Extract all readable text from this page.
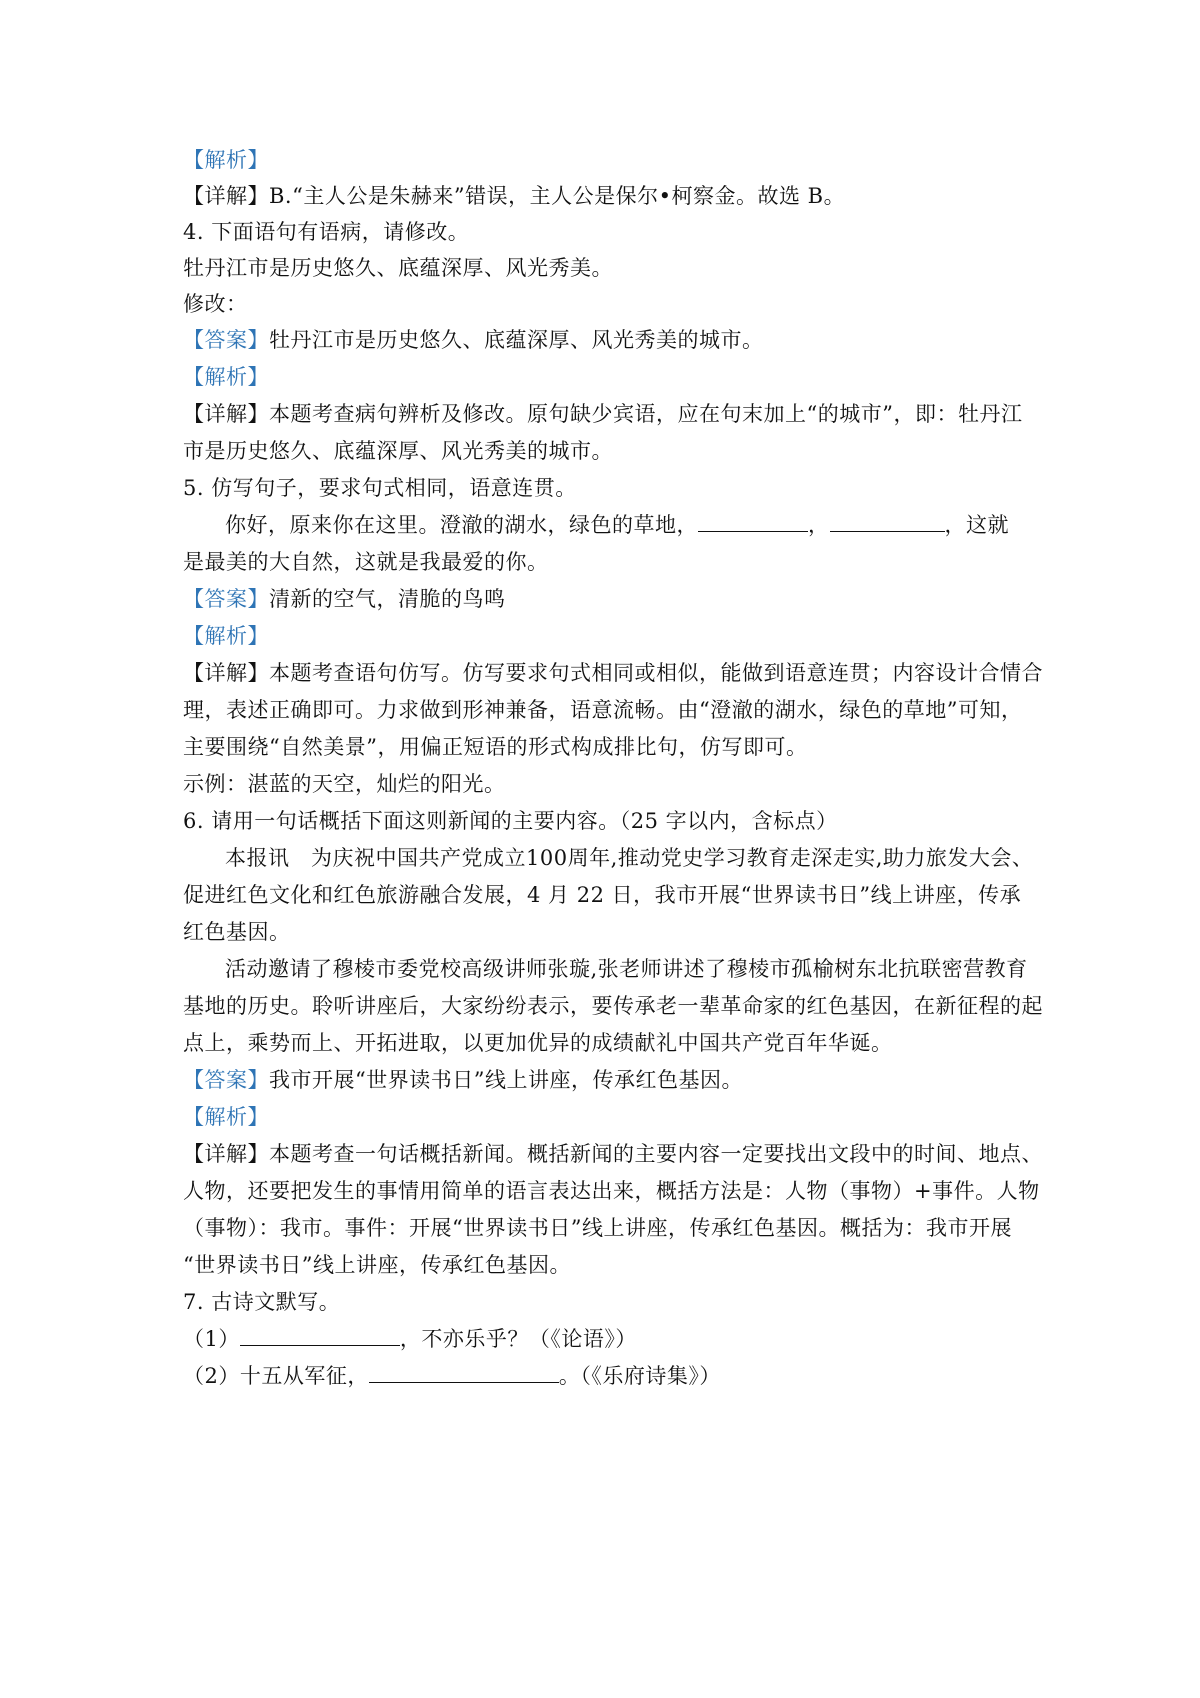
【解析】
【详解】B.“主人公是朱赫来”错误，主人公是保尔•柯察金。故选 B。
4. 下面语句有语病，请修改。
牡丹江市是历史悠久、底蕴深厚、风光秀美。
修改：
【答案】牡丹江市是历史悠久、底蕴深厚、风光秀美的城市。
【解析】
【详解】本题考查病句辨析及修改。原句缺少宾语，应在句末加上“的城市”，即：牡丹江
市是历史悠久、底蕴深厚、风光秀美的城市。
5. 仿写句子，要求句式相同，语意连贯。
你好，原来你在这里。澄澈的湖水，绿色的草地，	，	，这就
是最美的大自然，这就是我最爱的你。
【答案】清新的空气，清脆的鸟鸣
【解析】
【详解】本题考查语句仿写。仿写要求句式相同或相似，能做到语意连贯；内容设计合情合
理，表述正确即可。力求做到形神兼备，语意流畅。由“澄澈的湖水，绿色的草地”可知，
主要围绕“自然美景”，用偏正短语的形式构成排比句，仿写即可。
示例：湛蓝的天空，灿烂的阳光。
6. 请用一句话概括下面这则新闻的主要内容。（25 字以内，含标点）
本报讯　为庆祝中国共产党成立100周年,推动党史学习教育走深走实,助力旅发大会、
促进红色文化和红色旅游融合发展，4 月 22 日，我市开展“世界读书日”线上讲座，传承
红色基因。
活动邀请了穆棱市委党校高级讲师张璇,张老师讲述了穆棱市孤榆树东北抗联密营教育
基地的历史。聆听讲座后，大家纷纷表示，要传承老一辈革命家的红色基因，在新征程的起
点上，乘势而上、开拓进取，以更加优异的成绩献礼中国共产党百年华诞。
【答案】我市开展“世界读书日”线上讲座，传承红色基因。
【解析】
【详解】本题考查一句话概括新闻。概括新闻的主要内容一定要找出文段中的时间、地点、
人物，还要把发生的事情用简单的语言表达出来，概括方法是：人物（事物）+事件。人物
（事物）：我市。事件：开展“世界读书日”线上讲座，传承红色基因。概括为：我市开展
“世界读书日”线上讲座，传承红色基因。
7. 古诗文默写。
（1）	，不亦乐乎？（《论语》）
（2）十五从军征，	。（《乐府诗集》）
